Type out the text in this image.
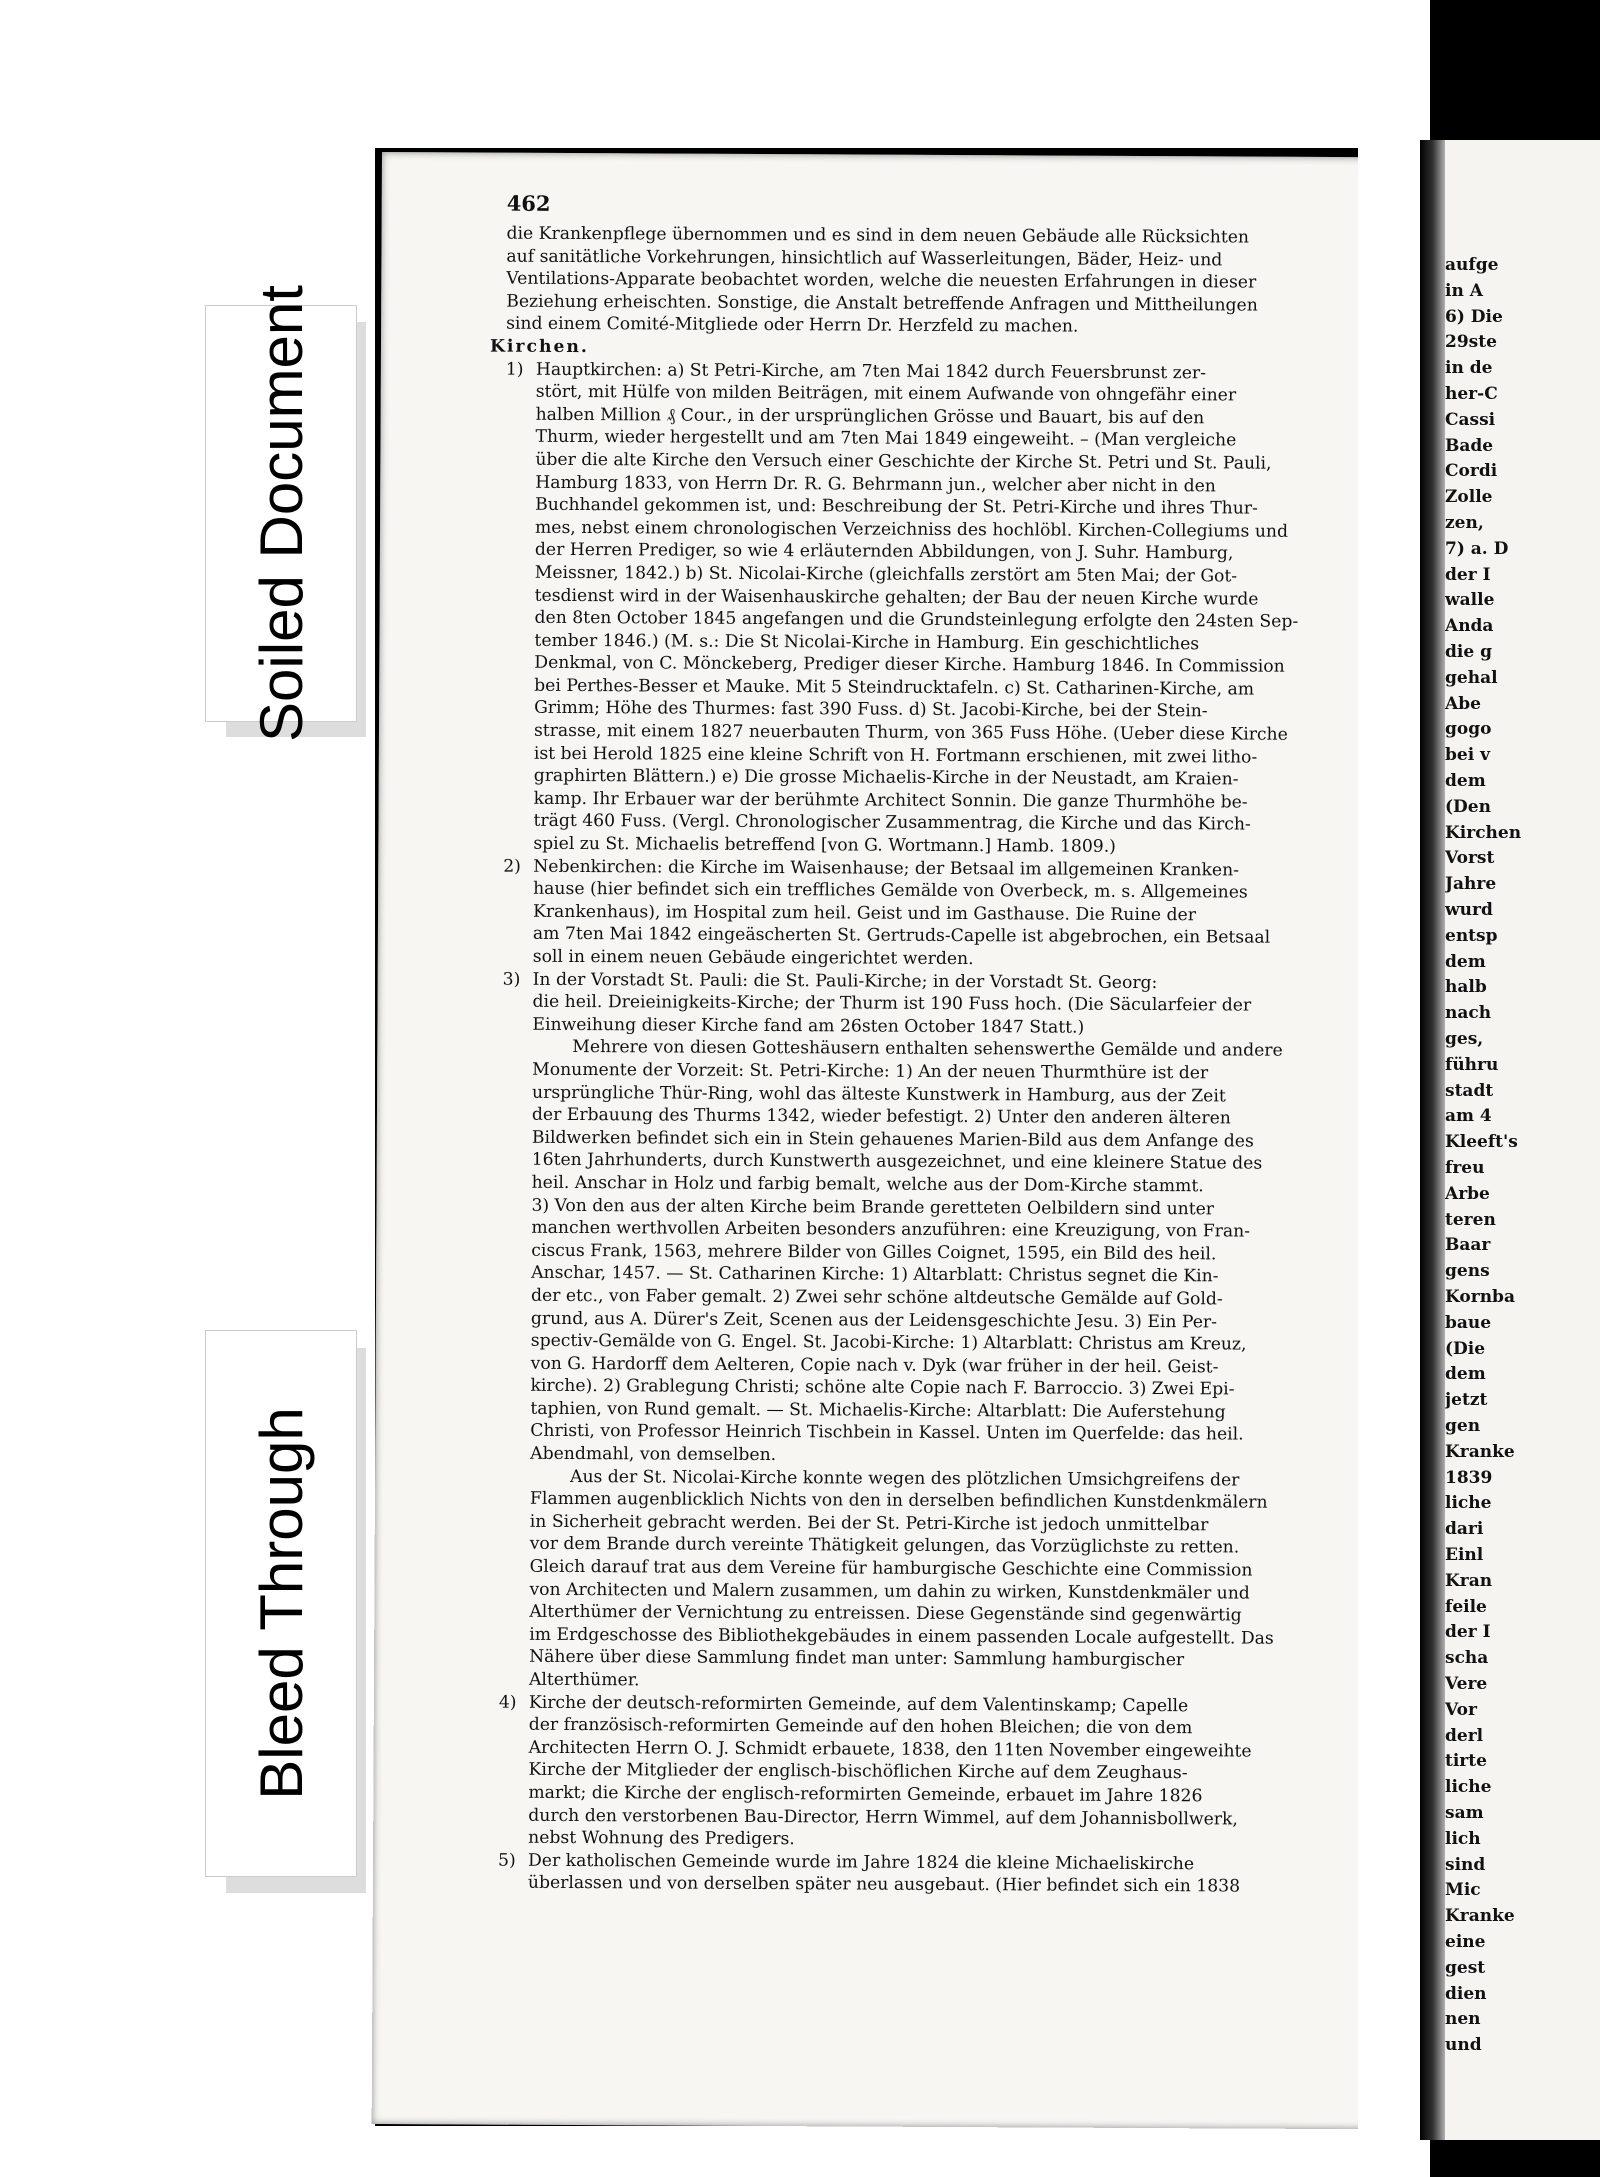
Soiled Document
Bleed Through
462
die Krankenpflege übernommen und es sind in dem neuen Gebäude alle Rücksichten
auf sanitätliche Vorkehrungen, hinsichtlich auf Wasserleitungen, Bäder, Heiz- und
Ventilations-Apparate beobachtet worden, welche die neuesten Erfahrungen in dieser
Beziehung erheischten. Sonstige, die Anstalt betreffende Anfragen und Mittheilungen
sind einem Comité-Mitgliede oder Herrn Dr. Herzfeld zu machen.
Kirchen.
1) Hauptkirchen: a) St Petri-Kirche, am 7ten Mai 1842 durch Feuersbrunst zer-
stört, mit Hülfe von milden Beiträgen, mit einem Aufwande von ohngefähr einer
halben Million ₰ Cour., in der ursprünglichen Grösse und Bauart, bis auf den
Thurm, wieder hergestellt und am 7ten Mai 1849 eingeweiht. – (Man vergleiche
über die alte Kirche den Versuch einer Geschichte der Kirche St. Petri und St. Pauli,
Hamburg 1833, von Herrn Dr. R. G. Behrmann jun., welcher aber nicht in den
Buchhandel gekommen ist, und: Beschreibung der St. Petri-Kirche und ihres Thur-
mes, nebst einem chronologischen Verzeichniss des hochlöbl. Kirchen-Collegiums und
der Herren Prediger, so wie 4 erläuternden Abbildungen, von J. Suhr. Hamburg,
Meissner, 1842.) b) St. Nicolai-Kirche (gleichfalls zerstört am 5ten Mai; der Got-
tesdienst wird in der Waisenhauskirche gehalten; der Bau der neuen Kirche wurde
den 8ten October 1845 angefangen und die Grundsteinlegung erfolgte den 24sten Sep-
tember 1846.) (M. s.: Die St Nicolai-Kirche in Hamburg. Ein geschichtliches
Denkmal, von C. Mönckeberg, Prediger dieser Kirche. Hamburg 1846. In Commission
bei Perthes-Besser et Mauke. Mit 5 Steindrucktafeln. c) St. Catharinen-Kirche, am
Grimm; Höhe des Thurmes: fast 390 Fuss. d) St. Jacobi-Kirche, bei der Stein-
strasse, mit einem 1827 neuerbauten Thurm, von 365 Fuss Höhe. (Ueber diese Kirche
ist bei Herold 1825 eine kleine Schrift von H. Fortmann erschienen, mit zwei litho-
graphirten Blättern.) e) Die grosse Michaelis-Kirche in der Neustadt, am Kraien-
kamp. Ihr Erbauer war der berühmte Architect Sonnin. Die ganze Thurmhöhe be-
trägt 460 Fuss. (Vergl. Chronologischer Zusammentrag, die Kirche und das Kirch-
spiel zu St. Michaelis betreffend [von G. Wortmann.] Hamb. 1809.)
2) Nebenkirchen: die Kirche im Waisenhause; der Betsaal im allgemeinen Kranken-
hause (hier befindet sich ein treffliches Gemälde von Overbeck, m. s. Allgemeines
Krankenhaus), im Hospital zum heil. Geist und im Gasthause. Die Ruine der
am 7ten Mai 1842 eingeäscherten St. Gertruds-Capelle ist abgebrochen, ein Betsaal
soll in einem neuen Gebäude eingerichtet werden.
3) In der Vorstadt St. Pauli: die St. Pauli-Kirche; in der Vorstadt St. Georg:
die heil. Dreieinigkeits-Kirche; der Thurm ist 190 Fuss hoch. (Die Säcularfeier der
Einweihung dieser Kirche fand am 26sten October 1847 Statt.)
Mehrere von diesen Gotteshäusern enthalten sehenswerthe Gemälde und andere
Monumente der Vorzeit: St. Petri-Kirche: 1) An der neuen Thurmthüre ist der
ursprüngliche Thür-Ring, wohl das älteste Kunstwerk in Hamburg, aus der Zeit
der Erbauung des Thurms 1342, wieder befestigt. 2) Unter den anderen älteren
Bildwerken befindet sich ein in Stein gehauenes Marien-Bild aus dem Anfange des
16ten Jahrhunderts, durch Kunstwerth ausgezeichnet, und eine kleinere Statue des
heil. Anschar in Holz und farbig bemalt, welche aus der Dom-Kirche stammt.
3) Von den aus der alten Kirche beim Brande geretteten Oelbildern sind unter
manchen werthvollen Arbeiten besonders anzuführen: eine Kreuzigung, von Fran-
ciscus Frank, 1563, mehrere Bilder von Gilles Coignet, 1595, ein Bild des heil.
Anschar, 1457. — St. Catharinen Kirche: 1) Altarblatt: Christus segnet die Kin-
der etc., von Faber gemalt. 2) Zwei sehr schöne altdeutsche Gemälde auf Gold-
grund, aus A. Dürer's Zeit, Scenen aus der Leidensgeschichte Jesu. 3) Ein Per-
spectiv-Gemälde von G. Engel. St. Jacobi-Kirche: 1) Altarblatt: Christus am Kreuz,
von G. Hardorff dem Aelteren, Copie nach v. Dyk (war früher in der heil. Geist-
kirche). 2) Grablegung Christi; schöne alte Copie nach F. Barroccio. 3) Zwei Epi-
taphien, von Rund gemalt. — St. Michaelis-Kirche: Altarblatt: Die Auferstehung
Christi, von Professor Heinrich Tischbein in Kassel. Unten im Querfelde: das heil.
Abendmahl, von demselben.
Aus der St. Nicolai-Kirche konnte wegen des plötzlichen Umsichgreifens der
Flammen augenblicklich Nichts von den in derselben befindlichen Kunstdenkmälern
in Sicherheit gebracht werden. Bei der St. Petri-Kirche ist jedoch unmittelbar
vor dem Brande durch vereinte Thätigkeit gelungen, das Vorzüglichste zu retten.
Gleich darauf trat aus dem Vereine für hamburgische Geschichte eine Commission
von Architecten und Malern zusammen, um dahin zu wirken, Kunstdenkmäler und
Alterthümer der Vernichtung zu entreissen. Diese Gegenstände sind gegenwärtig
im Erdgeschosse des Bibliothekgebäudes in einem passenden Locale aufgestellt. Das
Nähere über diese Sammlung findet man unter: Sammlung hamburgischer
Alterthümer.
4) Kirche der deutsch-reformirten Gemeinde, auf dem Valentinskamp; Capelle
der französisch-reformirten Gemeinde auf den hohen Bleichen; die von dem
Architecten Herrn O. J. Schmidt erbauete, 1838, den 11ten November eingeweihte
Kirche der Mitglieder der englisch-bischöflichen Kirche auf dem Zeughaus-
markt; die Kirche der englisch-reformirten Gemeinde, erbauet im Jahre 1826
durch den verstorbenen Bau-Director, Herrn Wimmel, auf dem Johannisbollwerk,
nebst Wohnung des Predigers.
5) Der katholischen Gemeinde wurde im Jahre 1824 die kleine Michaeliskirche
überlassen und von derselben später neu ausgebaut. (Hier befindet sich ein 1838
aufge
in A
6) Die
29ste
in de
her-C
Cassi
Bade
Cordi
Zolle
zen,
7) a. D
der I
walle
Anda
die g
gehal
Abe
gogo
bei v
dem
(Den
Kirchen
Vorst
Jahre
wurd
entsp
dem
halb
nach
ges,
führu
stadt
am 4
Kleeft's
freu
Arbe
teren
Baar
gens
Kornba
baue
(Die
dem
jetzt
gen
Kranke
1839
liche
dari
Einl
Kran
feile
der I
scha
Vere
Vor
derl
tirte
liche
sam
lich
sind
Mic
Kranke
eine
gest
dien
nen
und
